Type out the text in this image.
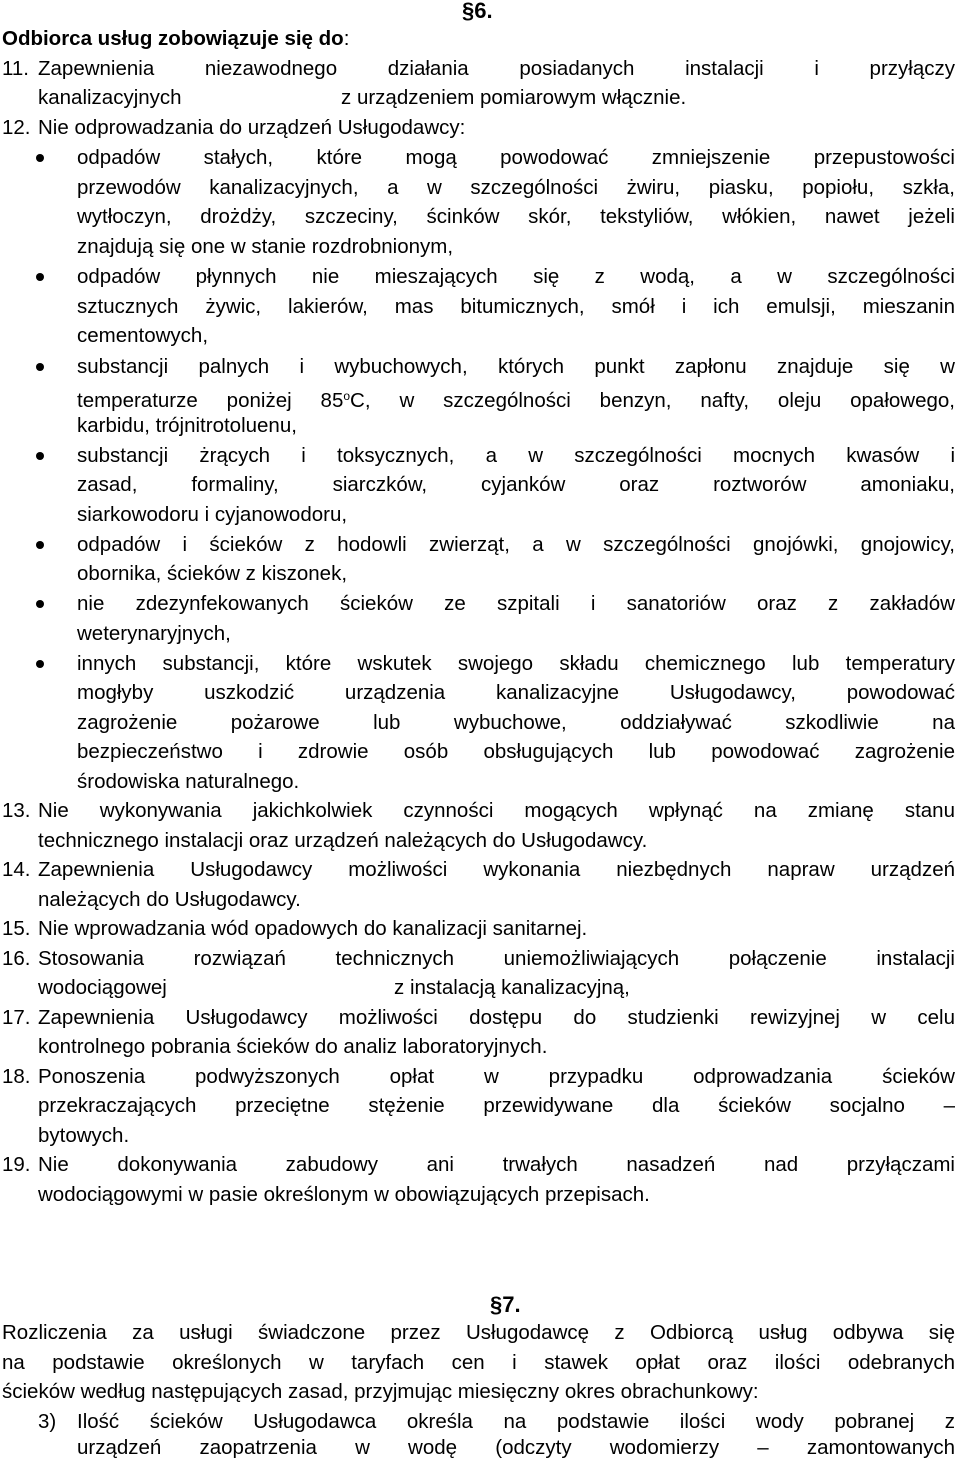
§6.
Odbiorca usług zobowiązuje się do:
11. Zapewnienia niezawodnego działania posiadanych instalacji i przyłączy
kanalizacyjnych	z urządzeniem pomiarowym włącznie.
12. Nie odprowadzania do urządzeń Usługodawcy:
odpadów stałych, które mogą powodować zmniejszenie przepustowości
przewodów kanalizacyjnych, a w szczególności żwiru, piasku, popiołu, szkła,
wytłoczyn, drożdży, szczeciny, ścinków skór, tekstyliów, włókien, nawet jeżeli
znajdują się one w stanie rozdrobnionym,
odpadów płynnych nie mieszających się z wodą, a w szczególności
sztucznych żywic, lakierów, mas bitumicznych, smół i ich emulsji, mieszanin
cementowych,
substancji palnych i wybuchowych, których punkt zapłonu znajduje się w
temperaturze poniżej 85$^o$C, w szczególności benzyn, nafty, oleju opałowego,
karbidu, trójnitrotoluenu,
substancji żrących i toksycznych, a w szczególności mocnych kwasów i
zasad, formaliny, siarczków, cyjanków oraz roztworów amoniaku,
siarkowodoru i cyjanowodoru,
odpadów i ścieków z hodowli zwierząt, a w szczególności gnojówki, gnojowicy,
obornika, ścieków z kiszonek,
nie zdezynfekowanych ścieków ze szpitali i sanatoriów oraz z zakładów
weterynaryjnych,
innych substancji, które wskutek swojego składu chemicznego lub temperatury
mogłyby uszkodzić urządzenia kanalizacyjne Usługodawcy, powodować
zagrożenie pożarowe lub wybuchowe, oddziaływać szkodliwie na
bezpieczeństwo i zdrowie osób obsługujących lub powodować zagrożenie
środowiska naturalnego.
13. Nie wykonywania jakichkolwiek czynności mogących wpłynąć na zmianę stanu
technicznego instalacji oraz urządzeń należących do Usługodawcy.
14. Zapewnienia Usługodawcy możliwości wykonania niezbędnych napraw urządzeń
należących do Usługodawcy.
15. Nie wprowadzania wód opadowych do kanalizacji sanitarnej.
16. Stosowania rozwiązań technicznych uniemożliwiających połączenie instalacji
wodociągowej	z instalacją kanalizacyjną,
17. Zapewnienia Usługodawcy możliwości dostępu do studzienki rewizyjnej w celu
kontrolnego pobrania ścieków do analiz laboratoryjnych.
18. Ponoszenia podwyższonych opłat w przypadku odprowadzania ścieków
przekraczających przeciętne stężenie przewidywane dla ścieków socjalno –
bytowych.
19. Nie dokonywania zabudowy ani trwałych nasadzeń nad przyłączami
wodociągowymi w pasie określonym w obowiązujących przepisach.
§7.
Rozliczenia za usługi świadczone przez Usługodawcę z Odbiorcą usług odbywa się
na podstawie określonych w taryfach cen i stawek opłat oraz ilości odebranych
ścieków według następujących zasad, przyjmując miesięczny okres obrachunkowy:
3) Ilość ścieków Usługodawca określa na podstawie ilości wody pobranej z
urządzeń zaopatrzenia w wodę (odczyty wodomierzy – zamontowanych
